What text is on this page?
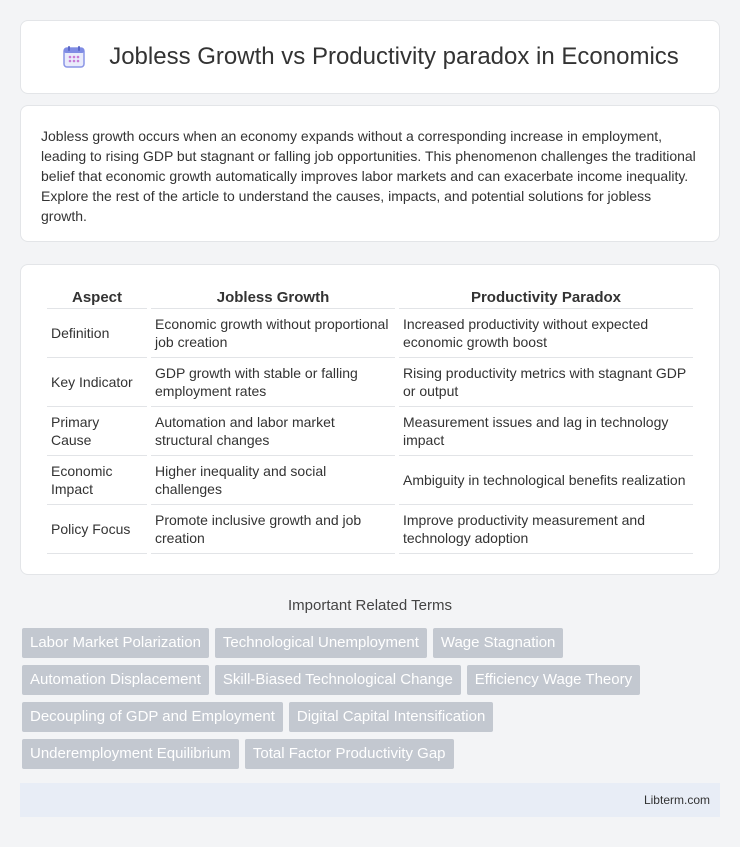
Jobless Growth vs Productivity paradox in Economics

Jobless growth occurs when an economy expands without a corresponding increase in employment, leading to rising GDP but stagnant or falling job opportunities. This phenomenon challenges the traditional belief that economic growth automatically improves labor markets and can exacerbate income inequality. Explore the rest of the article to understand the causes, impacts, and potential solutions for jobless growth.

Aspect	Jobless Growth	Productivity Paradox
Definition	Economic growth without proportional job creation	Increased productivity without expected economic growth boost
Key Indicator	GDP growth with stable or falling employment rates	Rising productivity metrics with stagnant GDP or output
Primary Cause	Automation and labor market structural changes	Measurement issues and lag in technology impact
Economic Impact	Higher inequality and social challenges	Ambiguity in technological benefits realization
Policy Focus	Promote inclusive growth and job creation	Improve productivity measurement and technology adoption
Important Related Terms
Labor Market Polarization	Technological Unemployment	Wage Stagnation
Automation Displacement	Skill-Biased Technological Change	Efficiency Wage Theory
Decoupling of GDP and Employment	Digital Capital Intensification
Underemployment Equilibrium	Total Factor Productivity Gap
Libterm.com
